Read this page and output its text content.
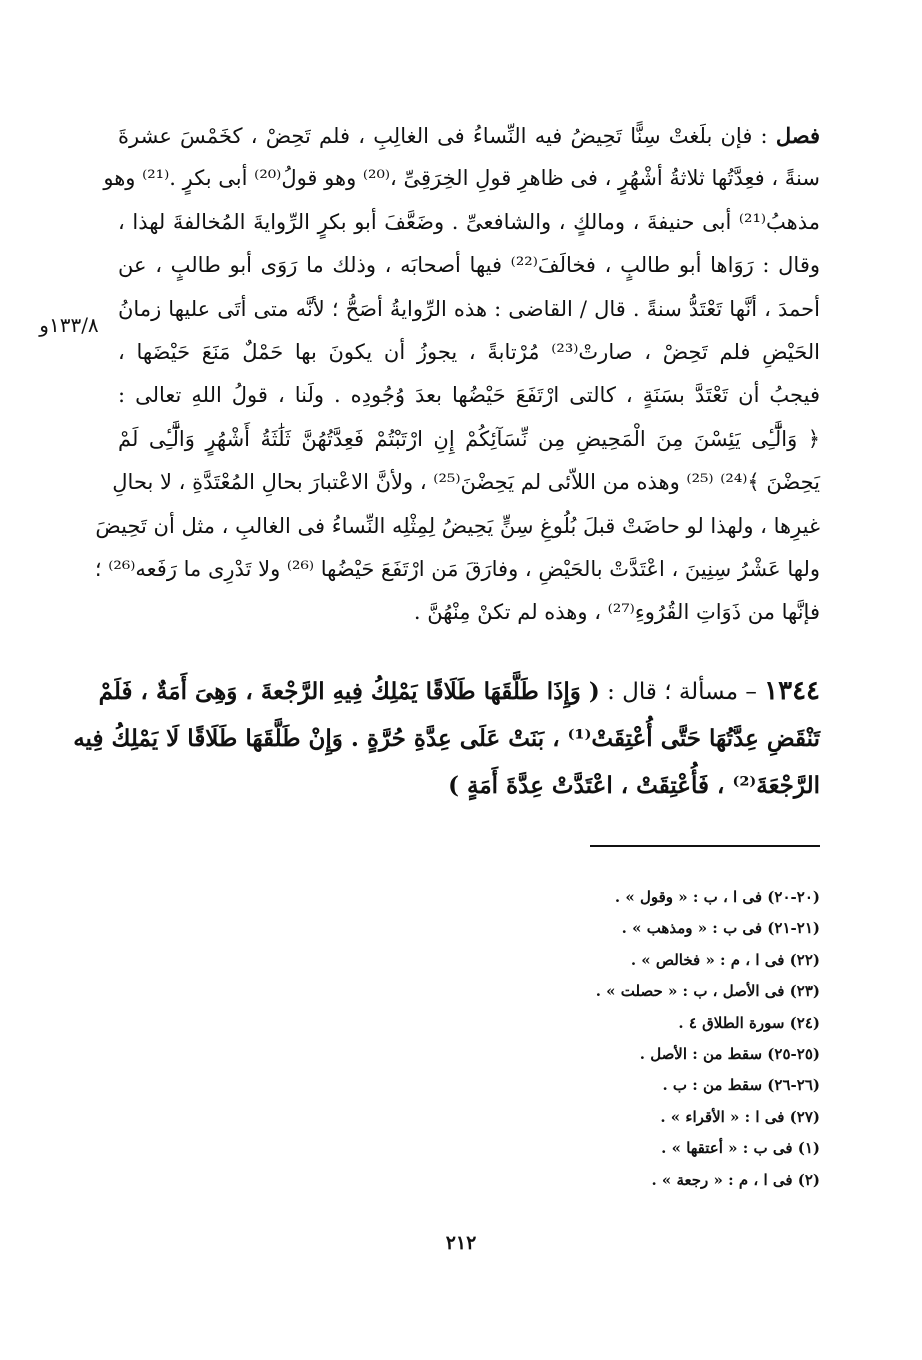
١٣٣/٨و
فصل : فإن بلَغتْ سِنًّا تَحِيضُ فيه النِّساءُ فى الغالِبِ ، فلم تَحِضْ ، كخَمْسَ عشرةَ
سنةً ، فعِدَّتُها ثلاثةُ أشْهُرٍ ، فى ظاهرِ قولِ الخِرَقِىِّ ،⁽²⁰⁾ وهو قولُ⁽²⁰⁾ أبى بكرٍ .⁽²¹⁾ وهو
مذهبُ⁽²¹⁾ أبى حنيفةَ ، ومالكٍ ، والشافعىِّ . وضَعَّفَ أبو بكرٍ الرِّوايةَ المُخالفةَ لهذا ،
وقال : رَوَاها أبو طالبٍ ، فخالَفَ⁽²²⁾ فيها أصحابَه ، وذلك ما رَوَى أبو طالبٍ ، عن
أحمدَ ، أنَّها تَعْتَدُّ سنةً . قال / القاضى : هذه الرِّوايةُ أصَحُّ ؛ لأنَّه متى أتَى عليها زمانُ
الحَيْضِ فلم تَحِضْ ، صارتْ⁽²³⁾ مُرْتابةً ، يجوزُ أن يكونَ بها حَمْلٌ مَنَعَ حَيْضَها ،
فيجبُ أن تَعْتَدَّ بسَنَةٍ ، كالتى ارْتَفَعَ حَيْضُها بعدَ وُجُودِه . ولَنا ، قولُ اللهِ تعالى :
﴿ وَالَّٰٓـِٔى يَئِسْنَ مِنَ الْمَحِيضِ مِن نِّسَآئِكُمْ إِنِ ارْتَبْتُمْ فَعِدَّتُهُنَّ ثَلَٰثَةُ أَشْهُرٍ وَالَّٰٓـِٔى لَمْ
يَحِضْنَ ﴾⁽²⁴⁾ ⁽²⁵⁾ وهذه من اللاّئى لم يَحِضْنَ⁽²⁵⁾ ، ولأنَّ الاعْتبارَ بحالِ المُعْتَدَّةِ ، لا بحالِ
غيرِها ، ولهذا لو حاضَتْ قبلَ بُلُوغِ سِنٍّ يَحِيضُ لِمِثْلِه النِّساءُ فى الغالبِ ، مثل أن تَحِيضَ
ولها عَشْرُ سِنِينَ ، اعْتَدَّتْ بالحَيْضِ ، وفارَقَ مَن ارْتَفَعَ حَيْضُها ⁽²⁶⁾ ولا تَدْرِى ما رَفَعه⁽²⁶⁾ ؛
فإنَّها من ذَوَاتِ القُرُوءِ⁽²⁷⁾ ، وهذه لم تكنْ مِنْهُنَّ .
١٣٤٤ – مسألة ؛ قال : ( وَإِذَا طَلَّقَهَا طَلَاقًا يَمْلِكُ فِيهِ الرَّجْعةَ ، وَهِىَ أَمَةٌ ، فَلَمْ
تَنْقَضِ عِدَّتُهَا حَتَّى أُعْتِقَتْ⁽¹⁾ ، بَنَتْ عَلَى عِدَّةِ حُرَّةٍ . وَإِنْ طَلَّقَهَا طَلَاقًا لَا يَمْلِكُ فِيه
الرَّجْعَةَ⁽²⁾ ، فَأُعْتِقَتْ ، اعْتَدَّتْ عِدَّةَ أَمَةٍ )
(٢٠-٢٠) فى ا ، ب : « وقول » .
(٢١-٢١) فى ب : « ومذهب » .
(٢٢) فى ا ، م : « فخالص » .
(٢٣) فى الأصل ، ب : « حصلت » .
(٢٤) سورة الطلاق ٤ .
(٢٥-٢٥) سقط من : الأصل .
(٢٦-٢٦) سقط من : ب .
(٢٧) فى ا : « الأقراء » .
(١) فى ب : « أعتقها » .
(٢) فى ا ، م : « رجعة » .
٢١٢
